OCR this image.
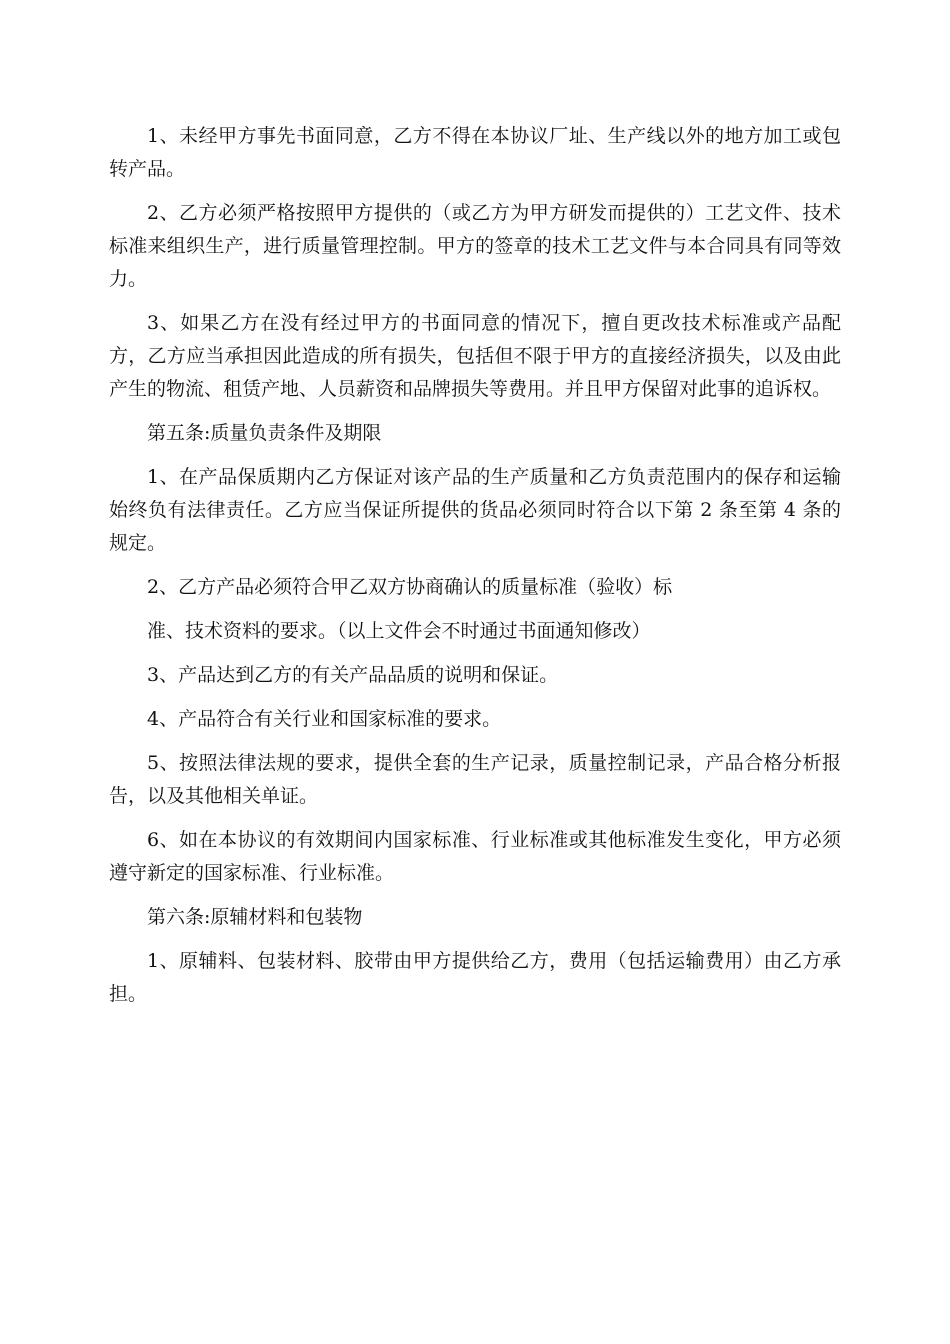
1、未经甲方事先书面同意，乙方不得在本协议厂址、生产线以外的地方加工或包转产品。

2、乙方必须严格按照甲方提供的（或乙方为甲方研发而提供的）工艺文件、技术标准来组织生产，进行质量管理控制。甲方的签章的技术工艺文件与本合同具有同等效力。

3、如果乙方在没有经过甲方的书面同意的情况下，擅自更改技术标准或产品配方，乙方应当承担因此造成的所有损失，包括但不限于甲方的直接经济损失，以及由此产生的物流、租赁产地、人员薪资和品牌损失等费用。并且甲方保留对此事的追诉权。

第五条:质量负责条件及期限

1、在产品保质期内乙方保证对该产品的生产质量和乙方负责范围内的保存和运输始终负有法律责任。乙方应当保证所提供的货品必须同时符合以下第 2 条至第 4 条的规定。

2、乙方产品必须符合甲乙双方协商确认的质量标准（验收）标

准、技术资料的要求。（以上文件会不时通过书面通知修改）

3、产品达到乙方的有关产品品质的说明和保证。

4、产品符合有关行业和国家标准的要求。

5、按照法律法规的要求，提供全套的生产记录，质量控制记录，产品合格分析报告，以及其他相关单证。

6、如在本协议的有效期间内国家标准、行业标准或其他标准发生变化，甲方必须遵守新定的国家标准、行业标准。

第六条:原辅材料和包装物

1、原辅料、包装材料、胶带由甲方提供给乙方，费用（包括运输费用）由乙方承担。
